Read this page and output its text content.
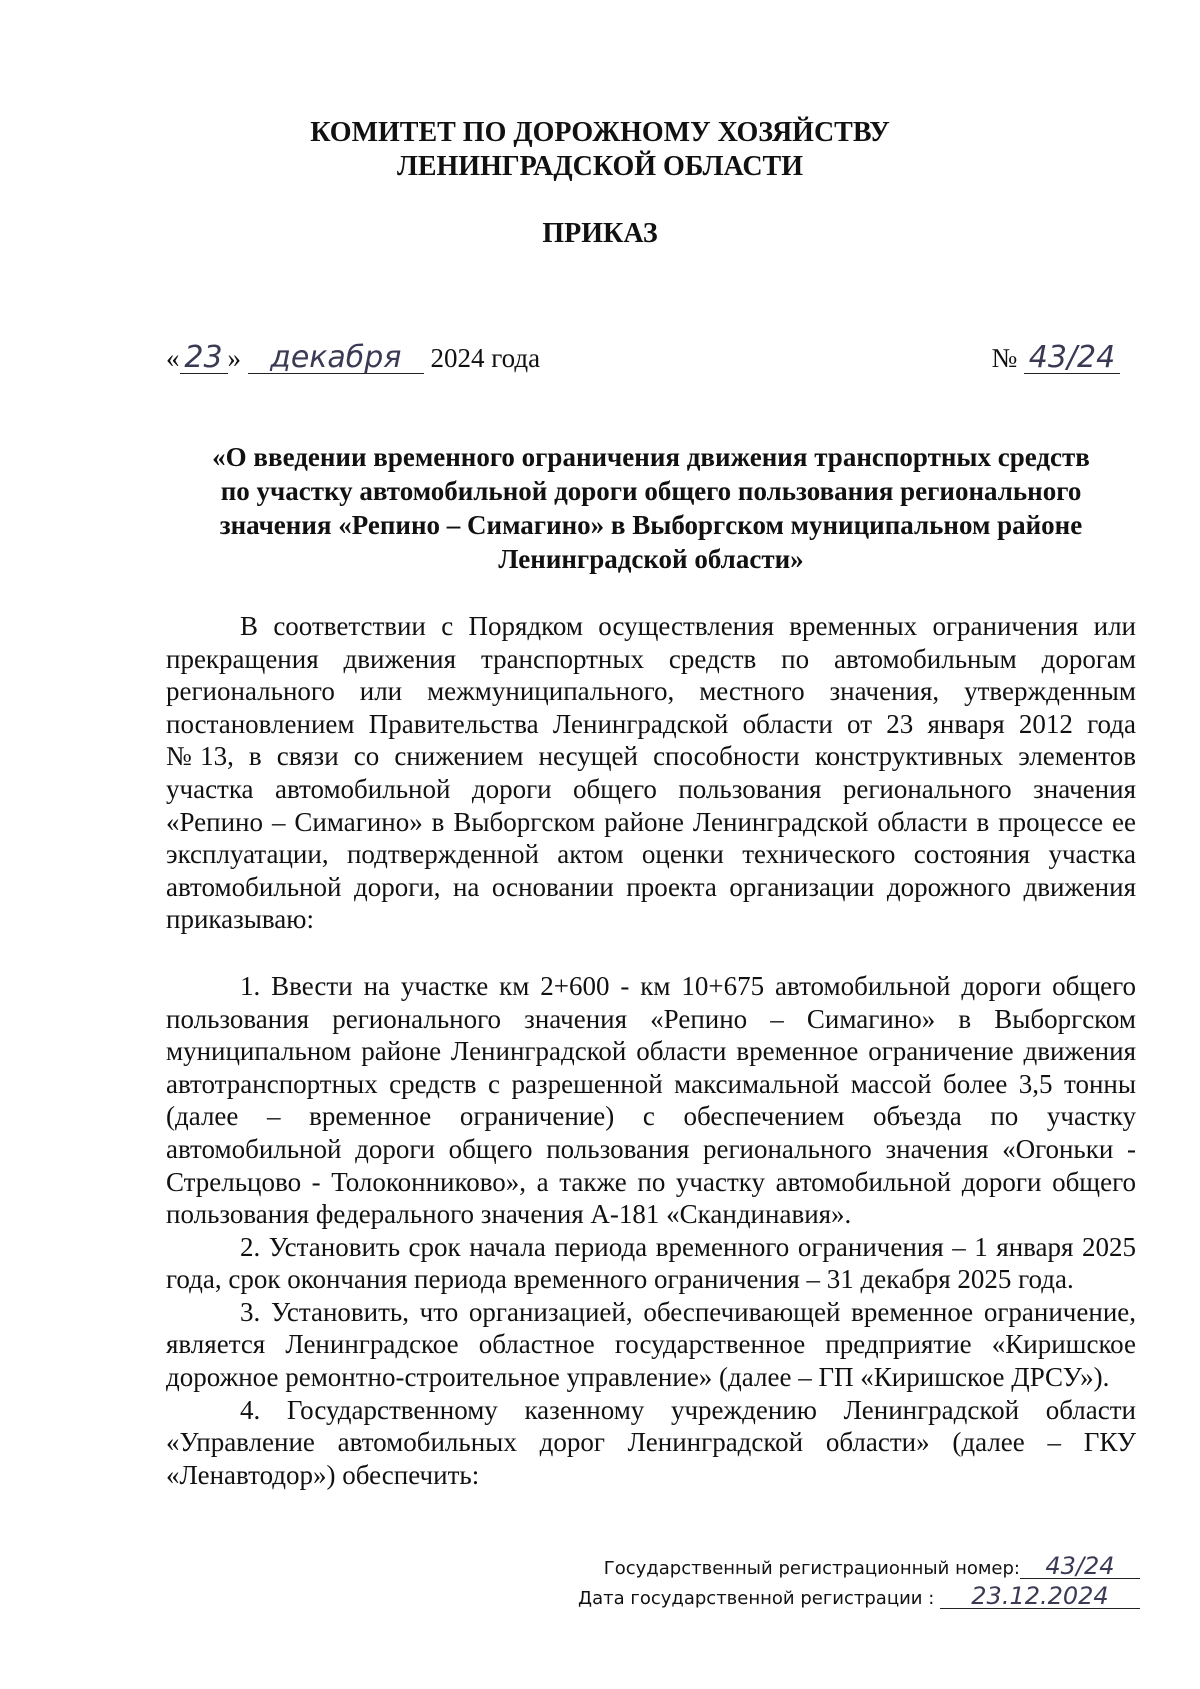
КОМИТЕТ ПО ДОРОЖНОМУ ХОЗЯЙСТВУ
ЛЕНИНГРАДСКОЙ ОБЛАСТИ
ПРИКАЗ
« 23 » декабря 2024 года	№ 43/24
«О введении временного ограничения движения транспортных средств
по участку автомобильной дороги общего пользования регионального
значения «Репино – Симагино» в Выборгском муниципальном районе
Ленинградской области»

В соответствии с Порядком осуществления временных ограничения или прекращения движения транспортных средств по автомобильным дорогам регионального или межмуниципального, местного значения, утвержденным постановлением Правительства Ленинградской области от 23 января 2012 года №13, в связи со снижением несущей способности конструктивных элементов участка автомобильной дороги общего пользования регионального значения «Репино – Симагино» в Выборгском районе Ленинградской области в процессе ее эксплуатации, подтвержденной актом оценки технического состояния участка автомобильной дороги, на основании проекта организации дорожного движения приказываю:

1. Ввести на участке км 2+600 - км 10+675 автомобильной дороги общего пользования регионального значения «Репино – Симагино» в Выборгском муниципальном районе Ленинградской области временное ограничение движения автотранспортных средств с разрешенной максимальной массой более 3,5 тонны (далее – временное ограничение) с обеспечением объезда по участку автомобильной дороги общего пользования регионального значения «Огоньки - Стрельцово - Толоконниково», а также по участку автомобильной дороги общего пользования федерального значения А-181 «Скандинавия».

2. Установить срок начала периода временного ограничения – 1 января 2025 года, срок окончания периода временного ограничения – 31 декабря 2025 года.

3. Установить, что организацией, обеспечивающей временное ограничение, является Ленинградское областное государственное предприятие «Киришское дорожное ремонтно-строительное управление» (далее – ГП «Киришское ДРСУ»).

4. Государственному казенному учреждению Ленинградской области «Управление автомобильных дорог Ленинградской области» (далее – ГКУ «Ленавтодор») обеспечить:

Государственный регистрационный номер: 43/24
Дата государственной регистрации : 23.12.2024
